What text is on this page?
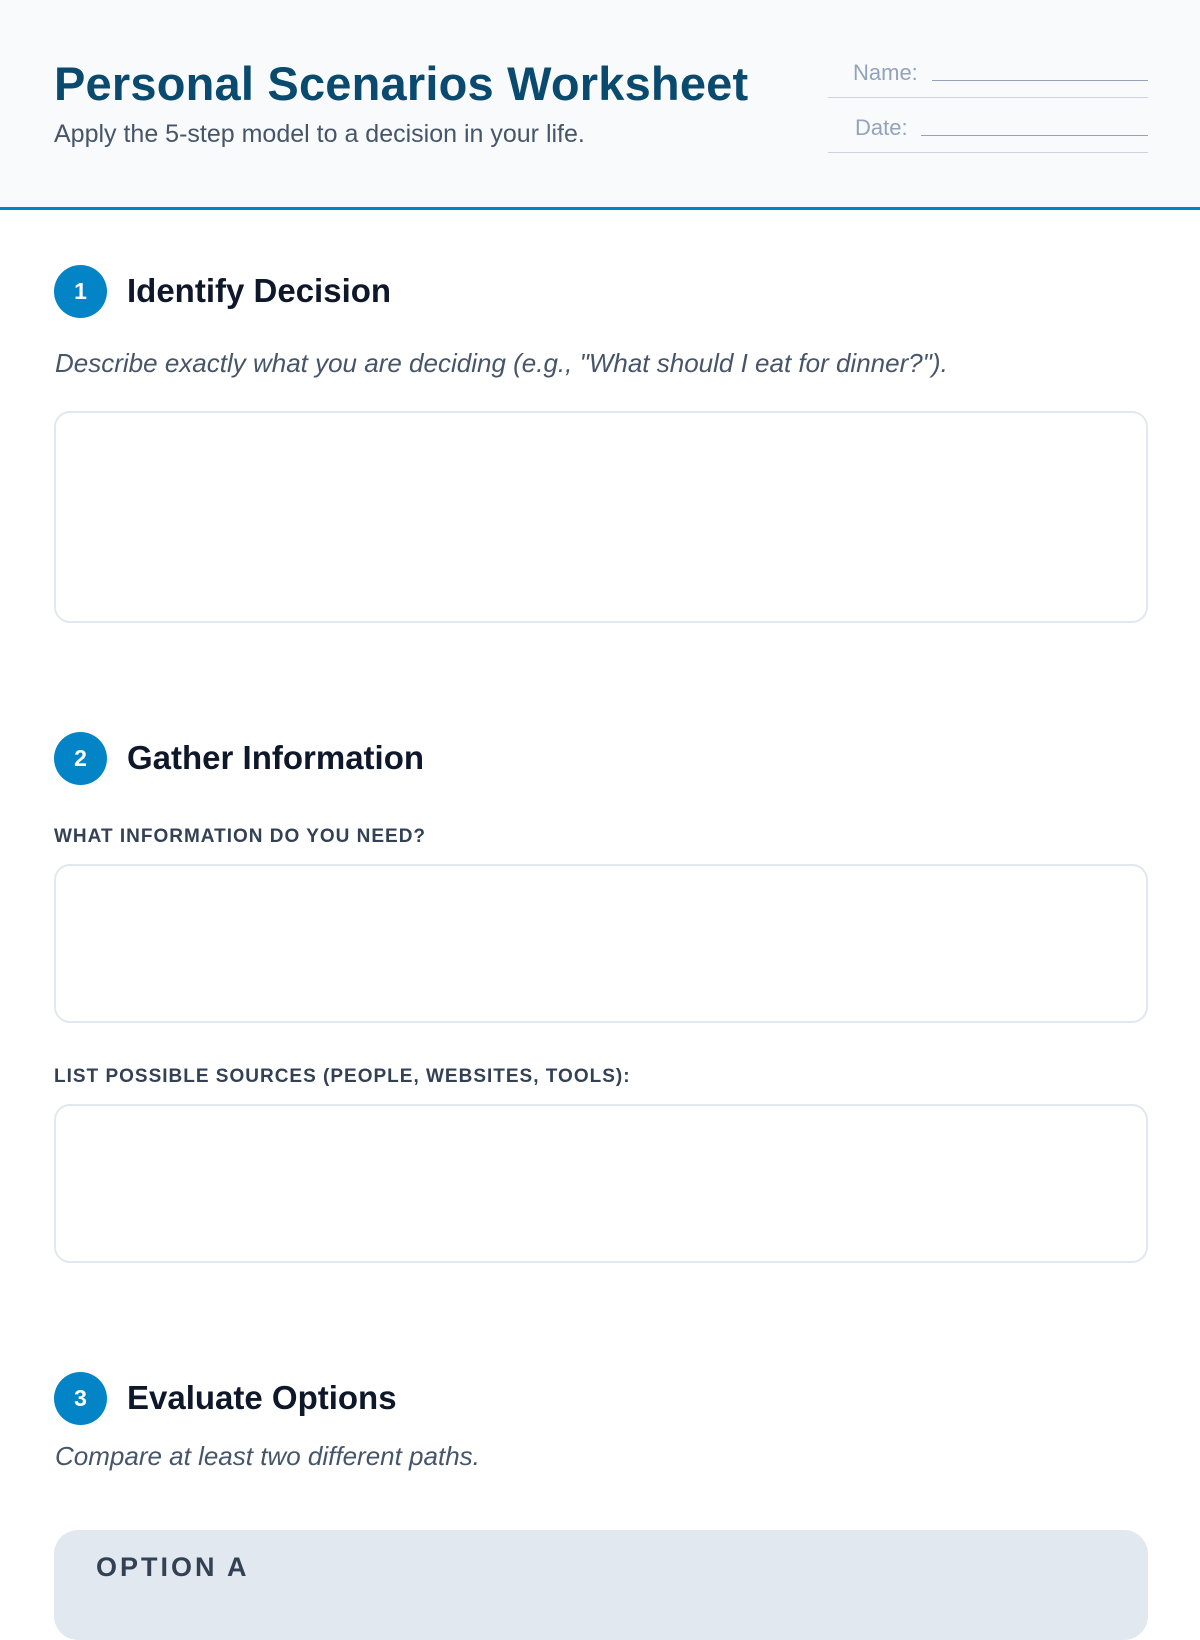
Personal Scenarios Worksheet

Apply the 5-step model to a decision in your life.

Name:
Date:
1	Identify Decision

Describe exactly what you are deciding (e.g., "What should I eat for dinner?").

2	Gather Information

WHAT INFORMATION DO YOU NEED?

LIST POSSIBLE SOURCES (PEOPLE, WEBSITES, TOOLS):

3	Evaluate Options

Compare at least two different paths.

OPTION A
